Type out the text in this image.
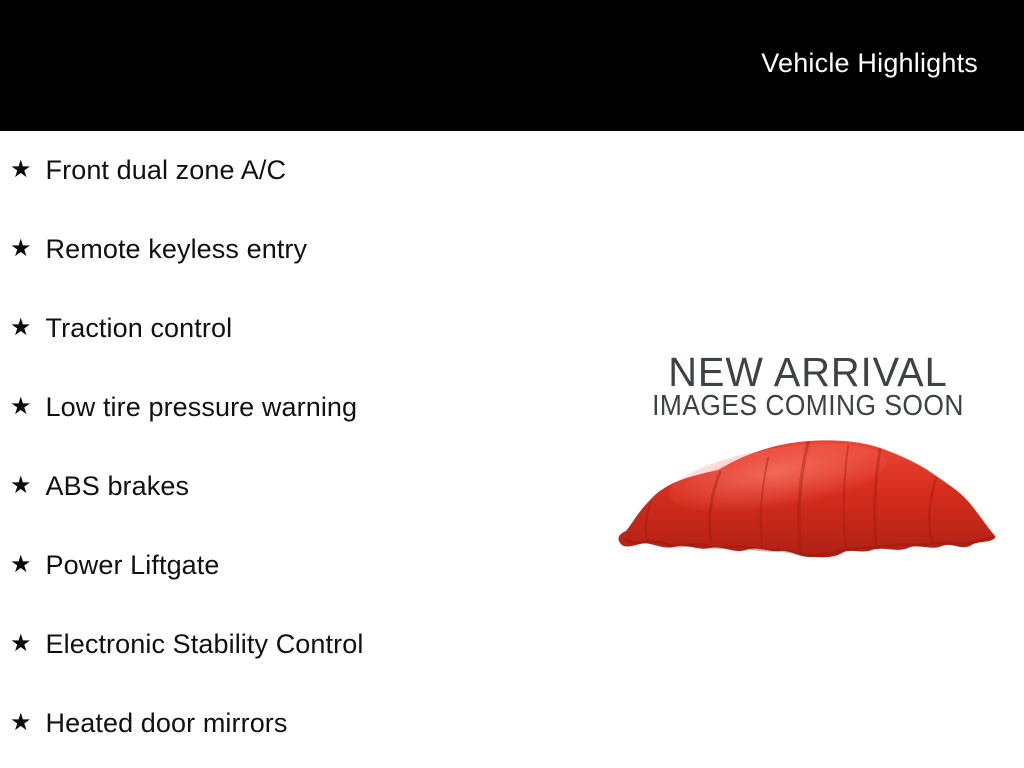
Vehicle Highlights
★ Front dual zone A/C
★ Remote keyless entry
★ Traction control
★ Low tire pressure warning
★ ABS brakes
★ Power Liftgate
★ Electronic Stability Control
★ Heated door mirrors
NEW ARRIVAL
IMAGES COMING SOON
